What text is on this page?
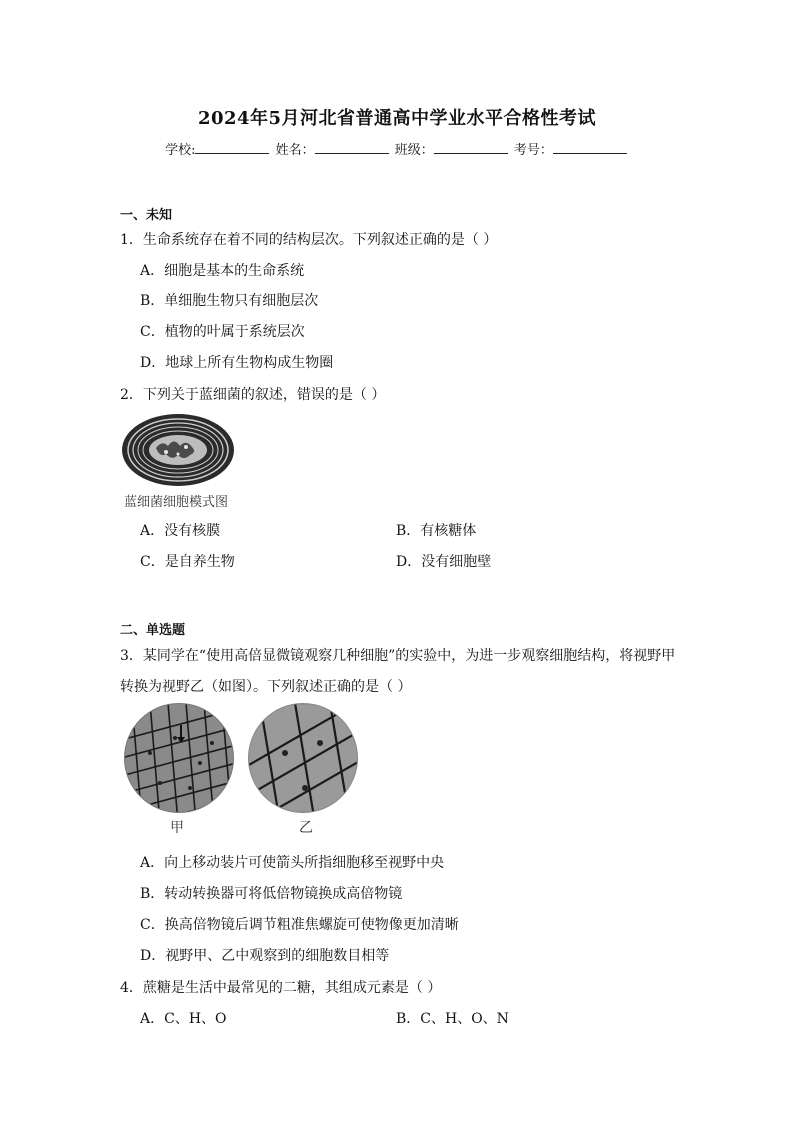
2024年5月河北省普通高中学业水平合格性考试
学校:	姓名：	班级：	考号：
一、未知
1．生命系统存在着不同的结构层次。下列叙述正确的是（ ）
A．细胞是基本的生命系统
B．单细胞生物只有细胞层次
C．植物的叶属于系统层次
D．地球上所有生物构成生物圈
2．下列关于蓝细菌的叙述，错误的是（ ）
蓝细菌细胞模式图
A．没有核膜	B．有核糖体
C．是自养生物	D．没有细胞壁
二、单选题
3．某同学在“使用高倍显微镜观察几种细胞”的实验中，为进一步观察细胞结构，将视野甲
转换为视野乙（如图）。下列叙述正确的是（ ）
甲	乙
A．向上移动装片可使箭头所指细胞移至视野中央
B．转动转换器可将低倍物镜换成高倍物镜
C．换高倍物镜后调节粗准焦螺旋可使物像更加清晰
D．视野甲、乙中观察到的细胞数目相等
4．蔗糖是生活中最常见的二糖，其组成元素是（ ）
A．C、H、O	B．C、H、O、N
